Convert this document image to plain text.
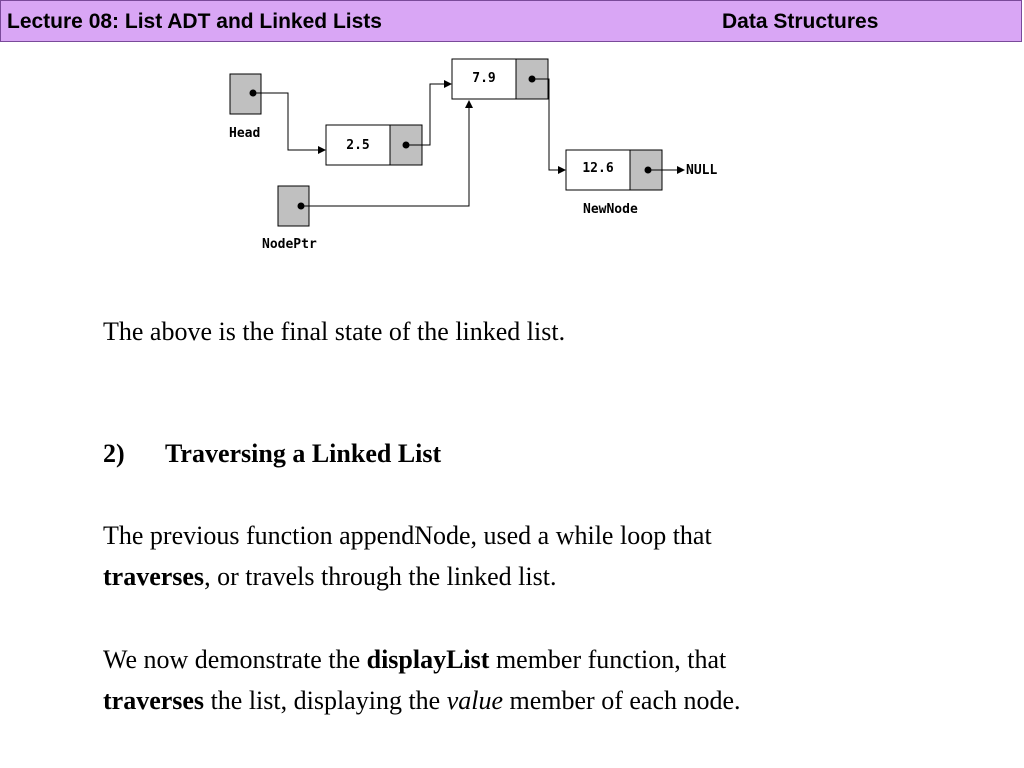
Lecture 08: List ADT and Linked Lists	Data Structures
Head
2.5
7.9
12.6
NewNode
NULL
NodePtr

The above is the final state of the linked list.

2) Traversing a Linked List

The previous function appendNode, used a while loop that
traverses, or travels through the linked list.

We now demonstrate the displayList member function, that
traverses the list, displaying the value member of each node.
